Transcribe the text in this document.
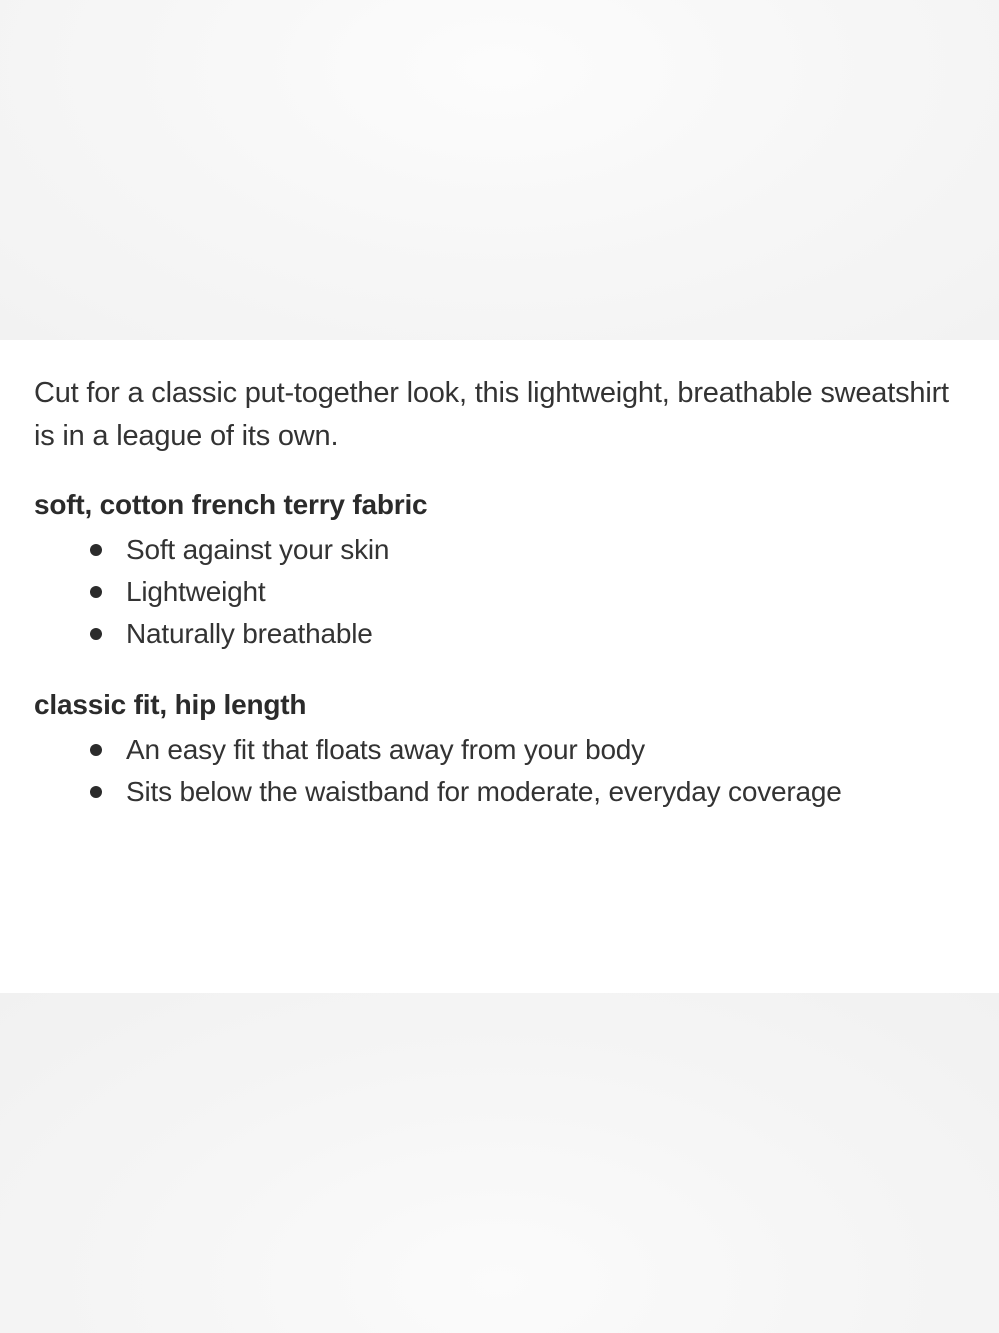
Cut for a classic put-together look, this lightweight, breathable sweatshirt is in a league of its own.

soft, cotton french terry fabric
Soft against your skin
Lightweight
Naturally breathable
classic fit, hip length
An easy fit that floats away from your body
Sits below the waistband for moderate, everyday coverage
